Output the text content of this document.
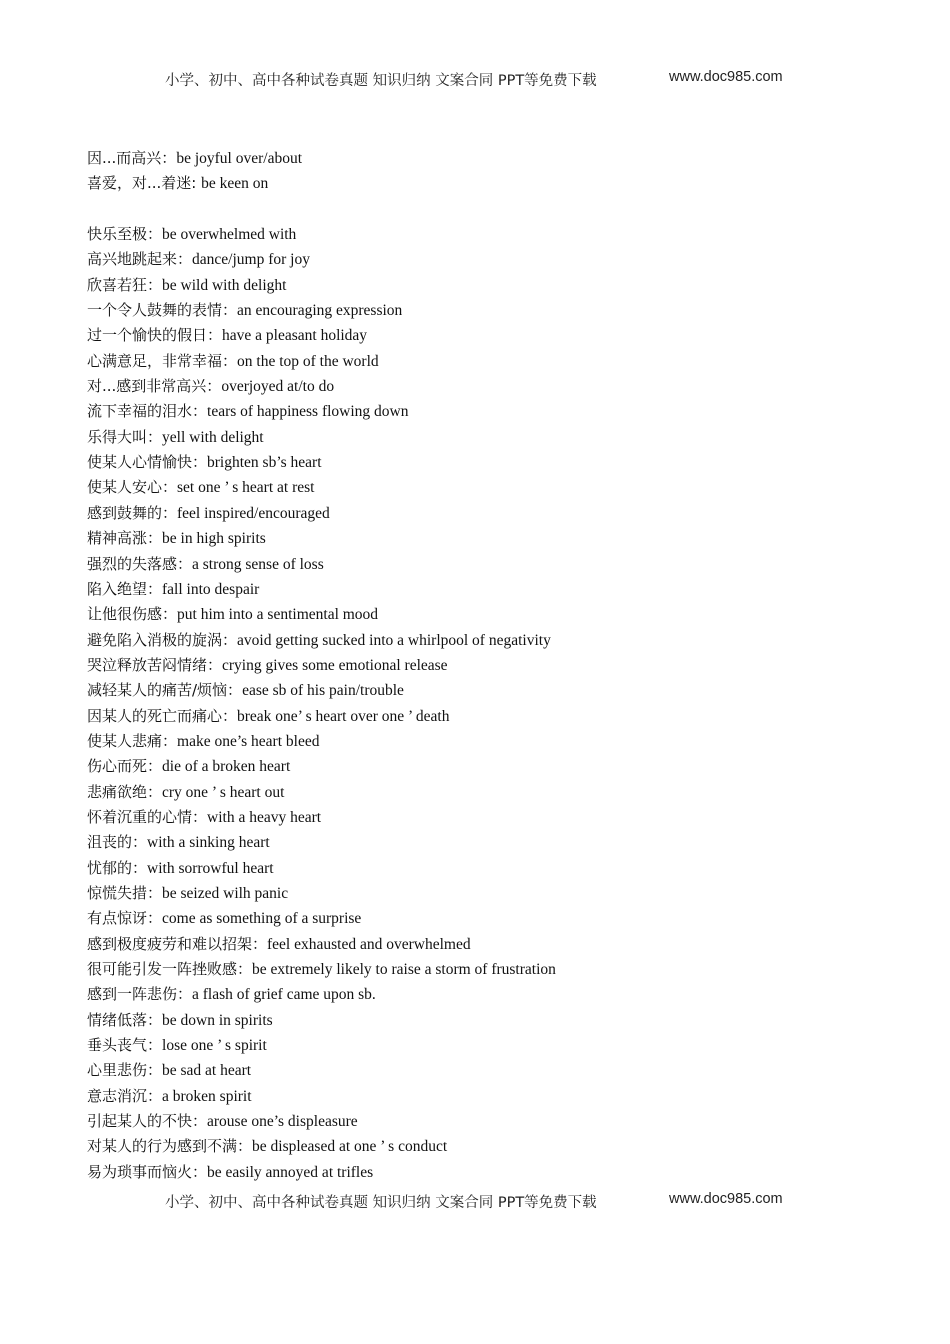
小学、初中、高中各种试卷真题 知识归纳 文案合同 PPT等免费下载	www.doc985.com
因...而高兴：be joyful over/about
喜爱，对...着迷: be keen on
快乐至极：be overwhelmed with
高兴地跳起来：dance/jump for joy
欣喜若狂：be wild with delight
一个令人鼓舞的表情：an encouraging expression
过一个愉快的假日：have a pleasant holiday
心满意足，非常幸福：on the top of the world
对...感到非常高兴：overjoyed at/to do
流下幸福的泪水：tears of happiness flowing down
乐得大叫：yell with delight
使某人心情愉快：brighten sb’s heart
使某人安心：set one ’ s heart at rest
感到鼓舞的：feel inspired/encouraged
精神高涨：be in high spirits
强烈的失落感：a strong sense of loss
陷入绝望：fall into despair
让他很伤感：put him into a sentimental mood
避免陷入消极的旋涡：avoid getting sucked into a whirlpool of negativity
哭泣释放苦闷情绪：crying gives some emotional release
减轻某人的痛苦/烦恼：ease sb of his pain/trouble
因某人的死亡而痛心：break one’ s heart over one ’ death
使某人悲痛：make one’s heart bleed
伤心而死：die of a broken heart
悲痛欲绝：cry one ’ s heart out
怀着沉重的心情：with a heavy heart
沮丧的：with a sinking heart
忧郁的：with sorrowful heart
惊慌失措：be seized wilh panic
有点惊讶：come as something of a surprise
感到极度疲劳和难以招架：feel exhausted and overwhelmed
很可能引发一阵挫败感：be extremely likely to raise a storm of frustration
感到一阵悲伤：a flash of grief came upon sb.
情绪低落：be down in spirits
垂头丧气：lose one ’ s spirit
心里悲伤：be sad at heart
意志消沉：a broken spirit
引起某人的不快：arouse one’s displeasure
对某人的行为感到不满：be displeased at one ’ s conduct
易为琐事而恼火：be easily annoyed at trifles
小学、初中、高中各种试卷真题 知识归纳 文案合同 PPT等免费下载	www.doc985.com
